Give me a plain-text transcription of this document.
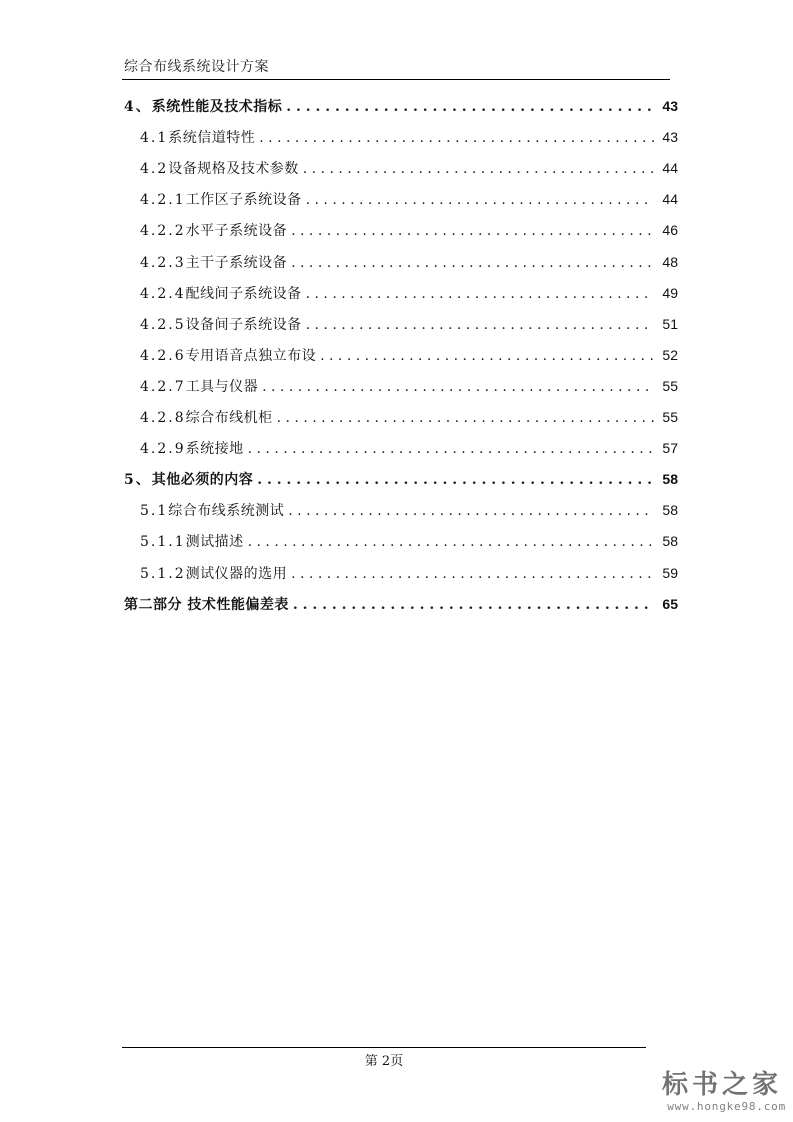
综合布线系统设计方案
4、 系统性能及技术指标 . . .	43
4.1 系统信道特性 . . .	43
4.2 设备规格及技术参数 . . .	44
4.2.1 工作区子系统设备 . . .	44
4.2.2 水平子系统设备 . . .	46
4.2.3 主干子系统设备 . . .	48
4.2.4 配线间子系统设备 . . .	49
4.2.5 设备间子系统设备 . . .	51
4.2.6 专用语音点独立布设 . . .	52
4.2.7 工具与仪器 . . .	55
4.2.8 综合布线机柜 . . .	55
4.2.9 系统接地 . . .	57
5、 其他必须的内容 . . .	58
5.1 综合布线系统测试 . . .	58
5.1.1 测试描述 . . .	58
5.1.2 测试仪器的选用 . . .	59
第二部分 技术性能偏差表 . . .	65
第 2页
标书之家
www.hongke98.com
